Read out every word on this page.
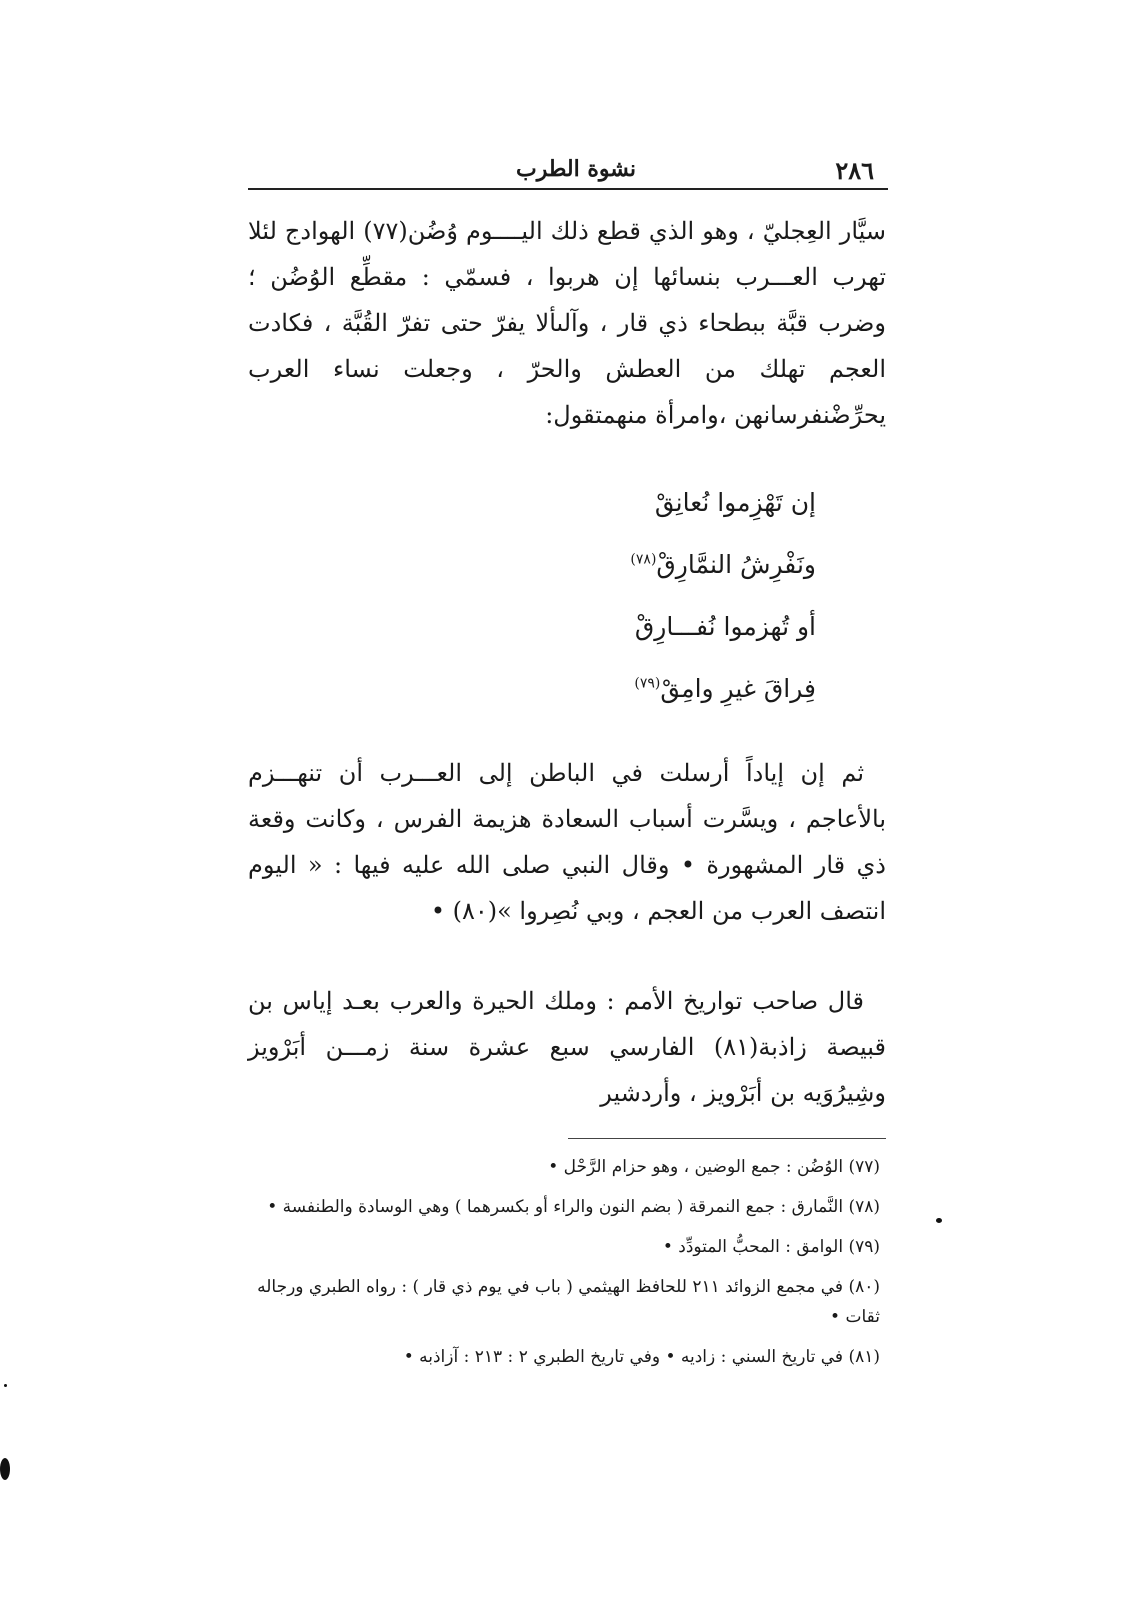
٢٨٦
نشوة الطرب
سيَّار العِجليّ ، وهو الذي قطع ذلك اليــــوم وُضُن(٧٧) الهوادج لئلا تهرب العـــرب بنسائها إن هربوا ، فسمّي : مقطِّع الوُضُن ؛ وضرب قبَّة ببطحاء ذي قار ، وآلىألا يفرّ حتى تفرّ القُبَّة ، فكادت العجم تهلك من العطش والحرّ ، وجعلت نساء العرب يحرِّضْنفرسانهن ،وامرأة منهمتقول:
إن تَهْزِموا نُعانِقْ
ونَفْرِشُ النمَّارِقْ$^{(٧٨)}$
أو تُهزموا نُفـــارِقْ
فِراقَ غيرِ وامِقْ$^{(٧٩)}$
ثم إن إياداً أرسلت في الباطن إلى العـــرب أن تنهـــزم بالأعاجم ، ويسَّرت أسباب السعادة هزيمة الفرس ، وكانت وقعة ذي قار المشهورة • وقال النبي صلى الله عليه فيها : « اليوم انتصف العرب من العجم ، وبي نُصِروا »(٨٠) •
قال صاحب تواريخ الأمم : وملك الحيرة والعرب بعـد إياس بن قبيصة زاذبة(٨١) الفارسي سبع عشرة سنة زمـــن أبَرْويز وشِيرُوَيه بن أبَرْويز ، وأردشير
(٧٧) الوُضُن : جمع الوضين ، وهو حزام الرَّحْل •
(٧٨) النَّمارق : جمع النمرقة ( بضم النون والراء أو بكسرهما ) وهي الوسادة والطنفسة •
(٧٩) الوامق : المحبُّ المتودِّد •
(٨٠) في مجمع الزوائد ٢١١ للحافظ الهيثمي ( باب في يوم ذي قار ) : رواه الطبري ورجاله ثقات •
(٨١) في تاريخ السني : زاديه • وفي تاريخ الطبري ٢ : ٢١٣ : آزاذبه •
